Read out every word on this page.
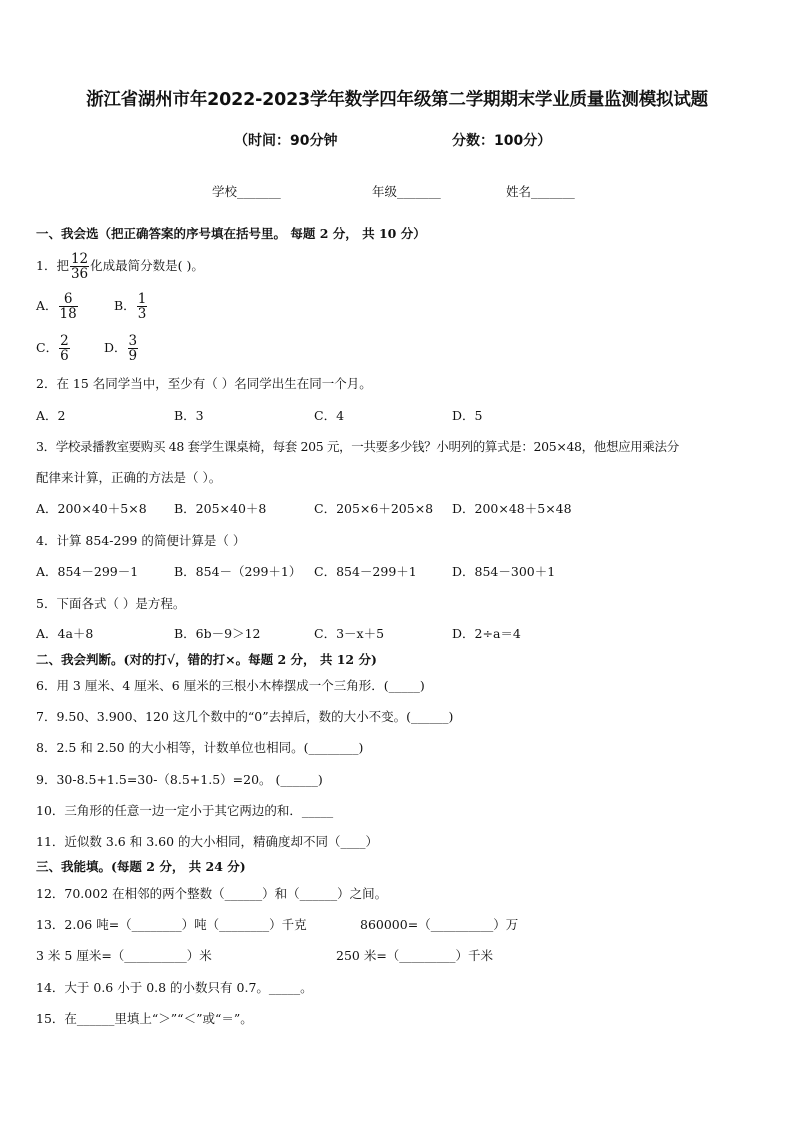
浙江省湖州市年2022-2023学年数学四年级第二学期期末学业质量监测模拟试题
（时间：90分钟	分数：100分）
学校_______	年级_______	姓名_______
一、我会选（把正确答案的序号填在括号里。 每题 2 分， 共 10 分）
1．把 $\frac{12}{36}$ 化成最简分数是( )。
A． $\frac{6}{18}$	B． $\frac{1}{3}$
C． $\frac{2}{6}$	D． $\frac{3}{9}$
2．在 15 名同学当中，至少有（ ）名同学出生在同一个月。
A．2	B．3	C．4	D．5
3．学校录播教室要购买 48 套学生课桌椅，每套 205 元，一共要多少钱？小明列的算式是：205×48，他想应用乘法分
配律来计算，正确的方法是（ ）。
A．200×40＋5×8 B．205×40＋8	C．205×6＋205×8 D．200×48＋5×48
4．计算 854-299 的简便计算是（ ）
A．854－299－1	B．854－（299＋1） C．854－299＋1	D．854－300＋1
5．下面各式（ ）是方程。
A．4a＋8	B．6b－9＞12	C．3－x＋5	D．2÷a＝4
二、我会判断。(对的打√，错的打×。每题 2 分， 共 12 分)
6．用 3 厘米、4 厘米、6 厘米的三根小木棒摆成一个三角形．(_____)
7．9.50、3.900、120 这几个数中的“0”去掉后，数的大小不变。(______)
8．2.5 和 2.50 的大小相等，计数单位也相同。(________)
9．30-8.5+1.5=30-（8.5+1.5）=20。 (______)
10．三角形的任意一边一定小于其它两边的和．_____
11．近似数 3.6 和 3.60 的大小相同，精确度却不同（____）
三、我能填。(每题 2 分， 共 24 分)
12．70.002 在相邻的两个整数（______）和（______）之间。
13．2.06 吨=（________）吨（________）千克	860000=（__________）万
3 米 5 厘米=（__________）米	250 米=（_________）千米
14．大于 0.6 小于 0.8 的小数只有 0.7。_____。
15．在______里填上“＞”“＜”或“＝”。
